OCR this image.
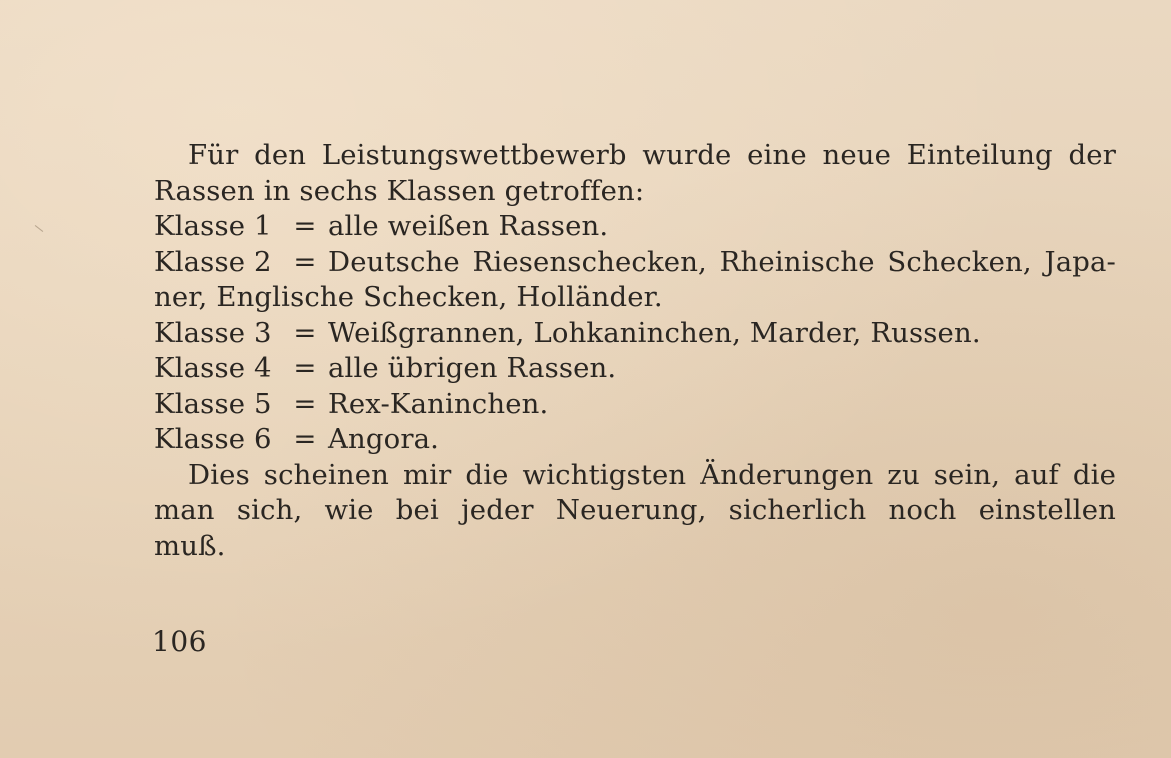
Für den Leistungswettbewerb wurde eine neue Einteilung der
Rassen in sechs Klassen getroffen:
Klasse 1 = alle weißen Rassen.
Klasse 2 = Deutsche Riesenschecken, Rheinische Schecken, Japa-
ner, Englische Schecken, Holländer.
Klasse 3 = Weißgrannen, Lohkaninchen, Marder, Russen.
Klasse 4 = alle übrigen Rassen.
Klasse 5 = Rex-Kaninchen.
Klasse 6 = Angora.
Dies scheinen mir die wichtigsten Änderungen zu sein, auf die
man sich, wie bei jeder Neuerung, sicherlich noch einstellen
muß.
106
